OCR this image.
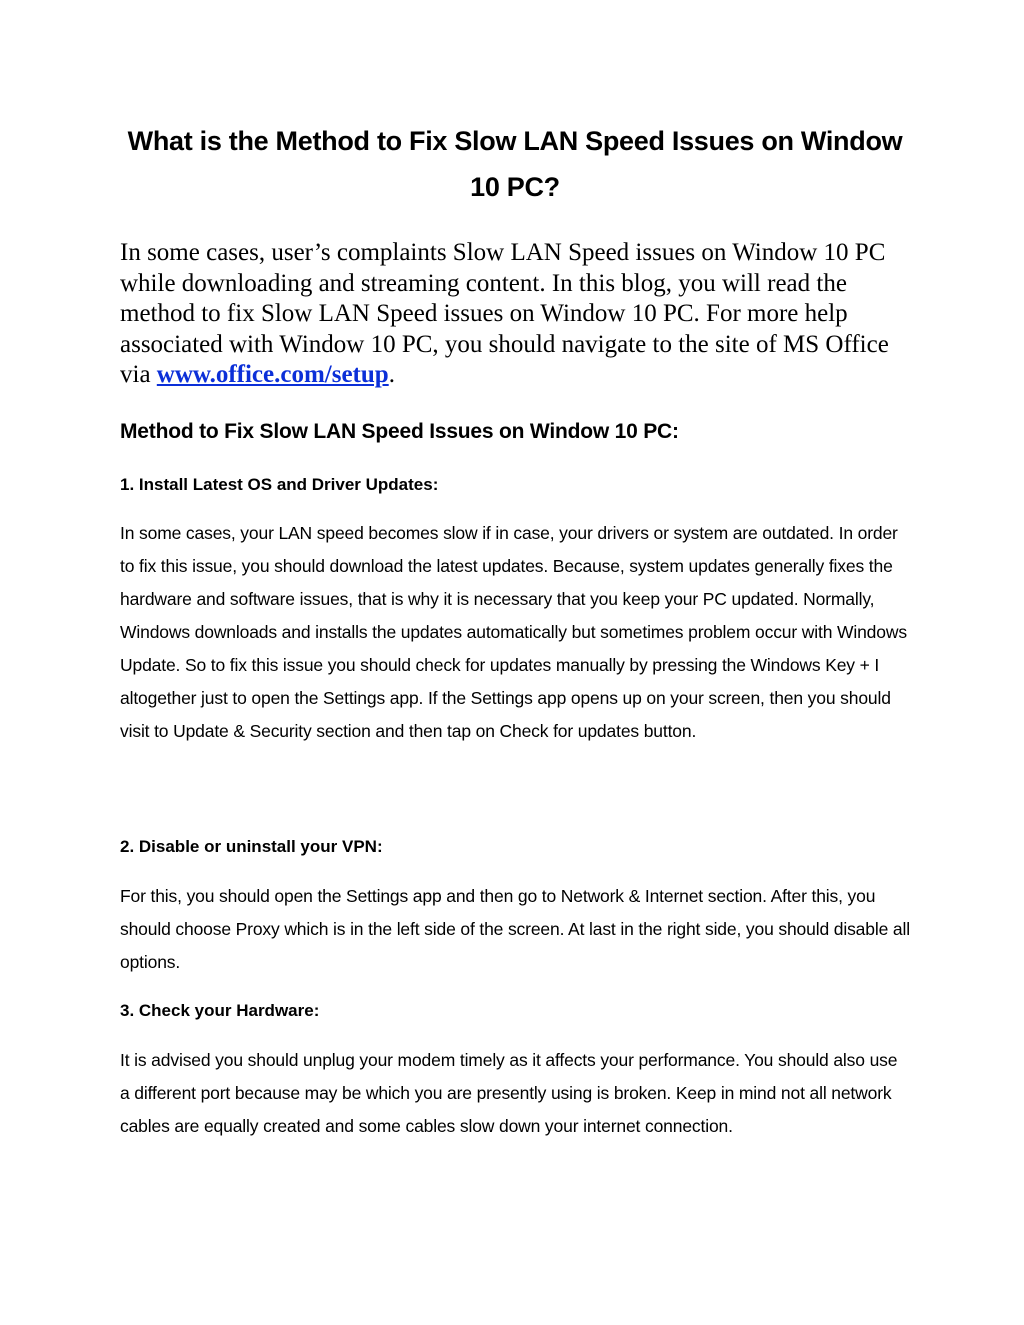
What is the Method to Fix Slow LAN Speed Issues on Window 10 PC?

In some cases, user’s complaints Slow LAN Speed issues on Window 10 PC while downloading and streaming content. In this blog, you will read the method to fix Slow LAN Speed issues on Window 10 PC. For more help associated with Window 10 PC, you should navigate to the site of MS Office via www.office.com/setup.

Method to Fix Slow LAN Speed Issues on Window 10 PC:
1. Install Latest OS and Driver Updates:

In some cases, your LAN speed becomes slow if in case, your drivers or system are outdated. In order to fix this issue, you should download the latest updates. Because, system updates generally fixes the hardware and software issues, that is why it is necessary that you keep your PC updated. Normally, Windows downloads and installs the updates automatically but sometimes problem occur with Windows Update. So to fix this issue you should check for updates manually by pressing the Windows Key + I altogether just to open the Settings app. If the Settings app opens up on your screen, then you should visit to Update & Security section and then tap on Check for updates button.

2. Disable or uninstall your VPN:

For this, you should open the Settings app and then go to Network & Internet section. After this, you should choose Proxy which is in the left side of the screen. At last in the right side, you should disable all options.

3. Check your Hardware:

It is advised you should unplug your modem timely as it affects your performance. You should also use a different port because may be which you are presently using is broken. Keep in mind not all network cables are equally created and some cables slow down your internet connection.
